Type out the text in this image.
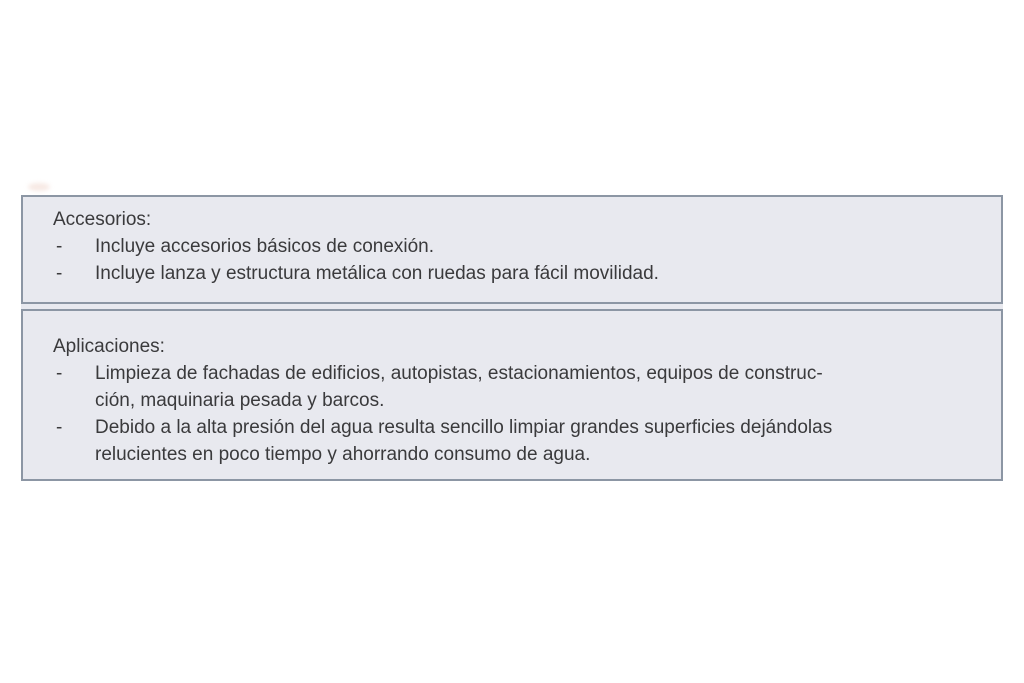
Accesorios:
-	Incluye accesorios básicos de conexión.
-	Incluye lanza y estructura metálica con ruedas para fácil movilidad.
Aplicaciones:
-	Limpieza de fachadas de edificios, autopistas, estacionamientos, equipos de construc-
ción, maquinaria pesada y barcos.
-	Debido a la alta presión del agua resulta sencillo limpiar grandes superficies dejándolas
relucientes en poco tiempo y ahorrando consumo de agua.
